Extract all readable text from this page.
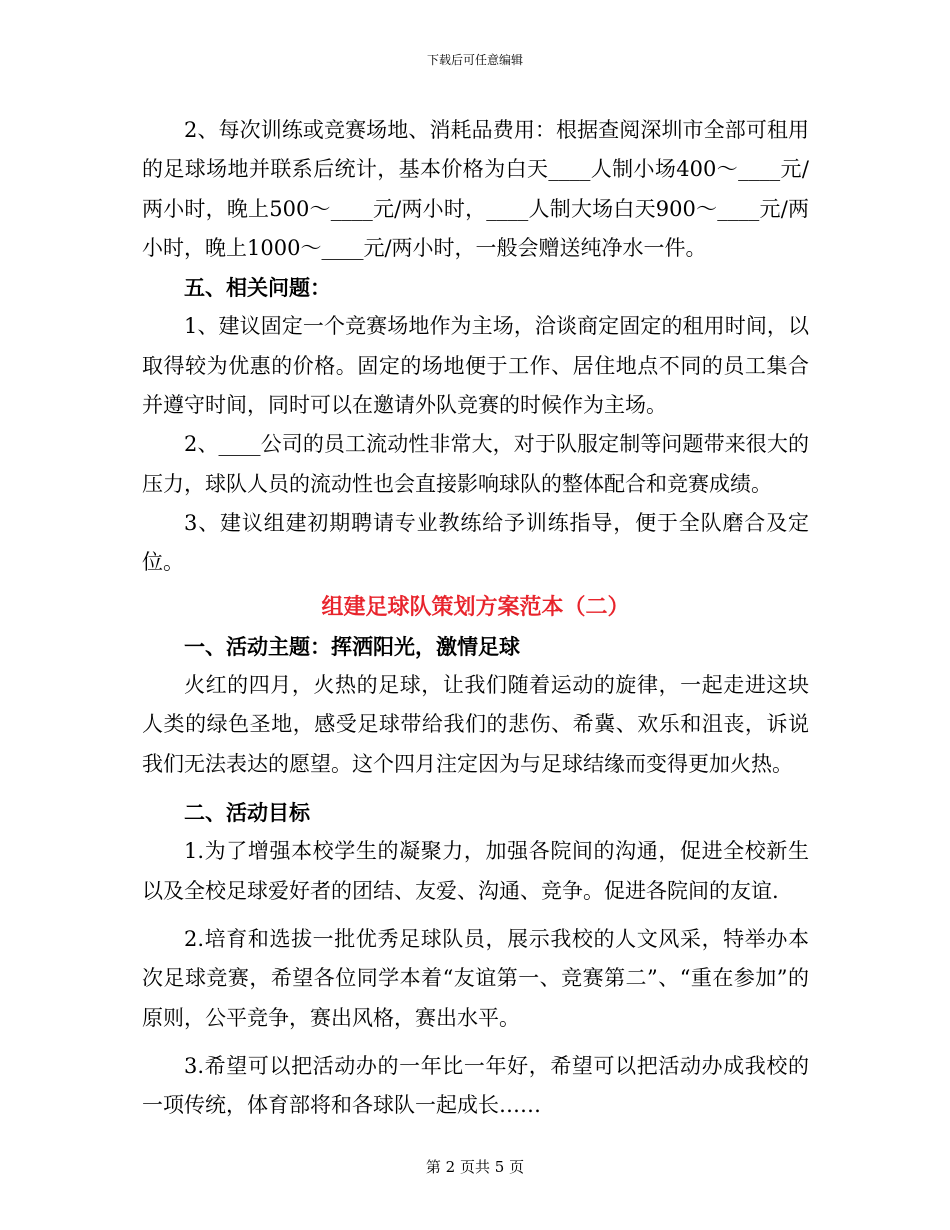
下载后可任意编辑

2、每次训练或竞赛场地、消耗品费用：根据查阅深圳市全部可租用的足球场地并联系后统计，基本价格为白天____人制小场400～____元/两小时，晚上500～____元/两小时，____人制大场白天900～____元/两小时，晚上1000～____元/两小时，一般会赠送纯净水一件。

五、相关问题：

1、建议固定一个竞赛场地作为主场，洽谈商定固定的租用时间，以取得较为优惠的价格。固定的场地便于工作、居住地点不同的员工集合并遵守时间，同时可以在邀请外队竞赛的时候作为主场。

2、____公司的员工流动性非常大，对于队服定制等问题带来很大的压力，球队人员的流动性也会直接影响球队的整体配合和竞赛成绩。

3、建议组建初期聘请专业教练给予训练指导，便于全队磨合及定位。

组建足球队策划方案范本（二）

一、活动主题：挥洒阳光，激情足球

火红的四月，火热的足球，让我们随着运动的旋律，一起走进这块人类的绿色圣地，感受足球带给我们的悲伤、希冀、欢乐和沮丧，诉说我们无法表达的愿望。这个四月注定因为与足球结缘而变得更加火热。

二、活动目标

1.为了增强本校学生的凝聚力，加强各院间的沟通，促进全校新生以及全校足球爱好者的团结、友爱、沟通、竞争。促进各院间的友谊.

2.培育和选拔一批优秀足球队员，展示我校的人文风采，特举办本次足球竞赛，希望各位同学本着“友谊第一、竞赛第二”、“重在参加”的原则，公平竞争，赛出风格，赛出水平。

3.希望可以把活动办的一年比一年好，希望可以把活动办成我校的一项传统，体育部将和各球队一起成长……

第 2 页共 5 页
